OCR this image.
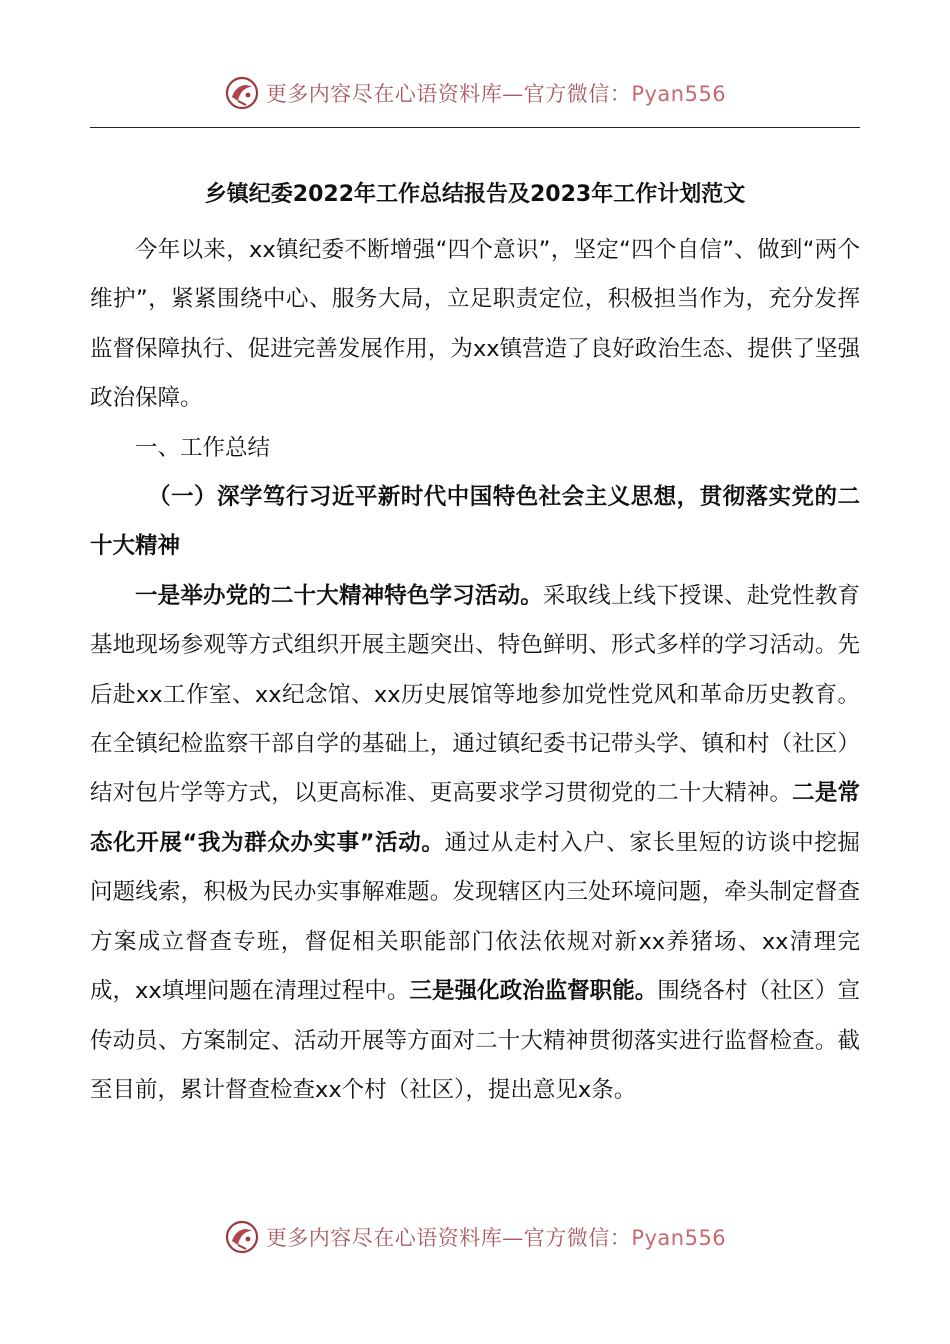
更多内容尽在心语资料库—官方微信：Pyan556
乡镇纪委2022年工作总结报告及2023年工作计划范文

今年以来，xx镇纪委不断增强“四个意识”，坚定“四个自信”、做到“两个维护”，紧紧围绕中心、服务大局，立足职责定位，积极担当作为，充分发挥监督保障执行、促进完善发展作用，为xx镇营造了良好政治生态、提供了坚强政治保障。

一、工作总结

（一）深学笃行习近平新时代中国特色社会主义思想，贯彻落实党的二十大精神

一是举办党的二十大精神特色学习活动。采取线上线下授课、赴党性教育基地现场参观等方式组织开展主题突出、特色鲜明、形式多样的学习活动。先后赴xx工作室、xx纪念馆、xx历史展馆等地参加党性党风和革命历史教育。在全镇纪检监察干部自学的基础上，通过镇纪委书记带头学、镇和村（社区）结对包片学等方式，以更高标准、更高要求学习贯彻党的二十大精神。二是常态化开展“我为群众办实事”活动。通过从走村入户、家长里短的访谈中挖掘问题线索，积极为民办实事解难题。发现辖区内三处环境问题，牵头制定督查方案成立督查专班，督促相关职能部门依法依规对新xx养猪场、xx清理完成，xx填埋问题在清理过程中。三是强化政治监督职能。围绕各村（社区）宣传动员、方案制定、活动开展等方面对二十大精神贯彻落实进行监督检查。截至目前，累计督查检查xx个村（社区），提出意见x条。

更多内容尽在心语资料库—官方微信：Pyan556
